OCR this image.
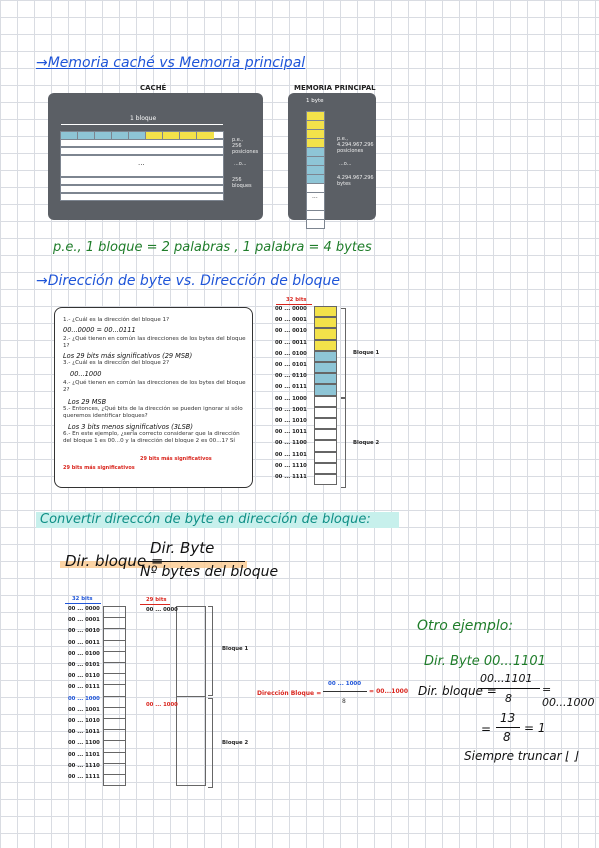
→Memoria caché vs Memoria principal
CACHÉ
1 bloque
...
p.e.,
256
posiciones
...o...
256
bloques
MEMORIA PRINCIPAL
1 byte
...
p.e.,
4.294.967.296
posiciones
...o...
4.294.967.296
bytes
p.e., 1 bloque = 2 palabras , 1 palabra = 4 bytes
→Dirección de byte vs. Dirección de bloque
1.- ¿Cuál es la dirección del bloque 1?
00...0000 = 00...0111
2.- ¿Qué tienen en común las direcciones de los bytes del bloque 1?
Los 29 bits más significativos (29 MSB)
3.- ¿Cuál es la dirección del bloque 2?
00...1000
4.- ¿Qué tienen en común las direcciones de los bytes del bloque 2?
Los 29 MSB
5.- Entonces, ¿Qué bits de la dirección se pueden ignorar si sólo queremos identificar bloques?
Los 3 bits menos significativos (3LSB)
6.- En este ejemplo, ¿sería correcto considerar que la dirección del bloque 1 es 00...0 y la dirección del bloque 2 es 00...1? Sí
29 bits más significativos
29 bits más significativos
32 bits
00 ... 0000
00 ... 0001
00 ... 0010
00 ... 0011
00 ... 0100
00 ... 0101
00 ... 0110
00 ... 0111
00 ... 1000
00 ... 1001
00 ... 1010
00 ... 1011
00 ... 1100
00 ... 1101
00 ... 1110
00 ... 1111
Bloque 1
Bloque 2
Convertir direccón de byte en dirección de bloque:
Dir. bloque =
Dir. Byte
Nº bytes del bloque
32 bits	29 bits
00 ... 0000
00 ... 0001
00 ... 0010
00 ... 0011
00 ... 0100
00 ... 0101
00 ... 0110
00 ... 0111
00 ... 1000
00 ... 1001
00 ... 1010
00 ... 1011
00 ... 1100
00 ... 1101
00 ... 1110
00 ... 1111
00 ... 0000
00 ... 1000
Bloque 1
Bloque 2
Dirección Bloque =
00 ... 1000
8
= 00...1000
Otro ejemplo:
Dir. Byte 00...1101
Dir. bloque =
00...1101
8
= 00...1000
=
13
8
= 1
Siempre truncar ⌊ ⌋
